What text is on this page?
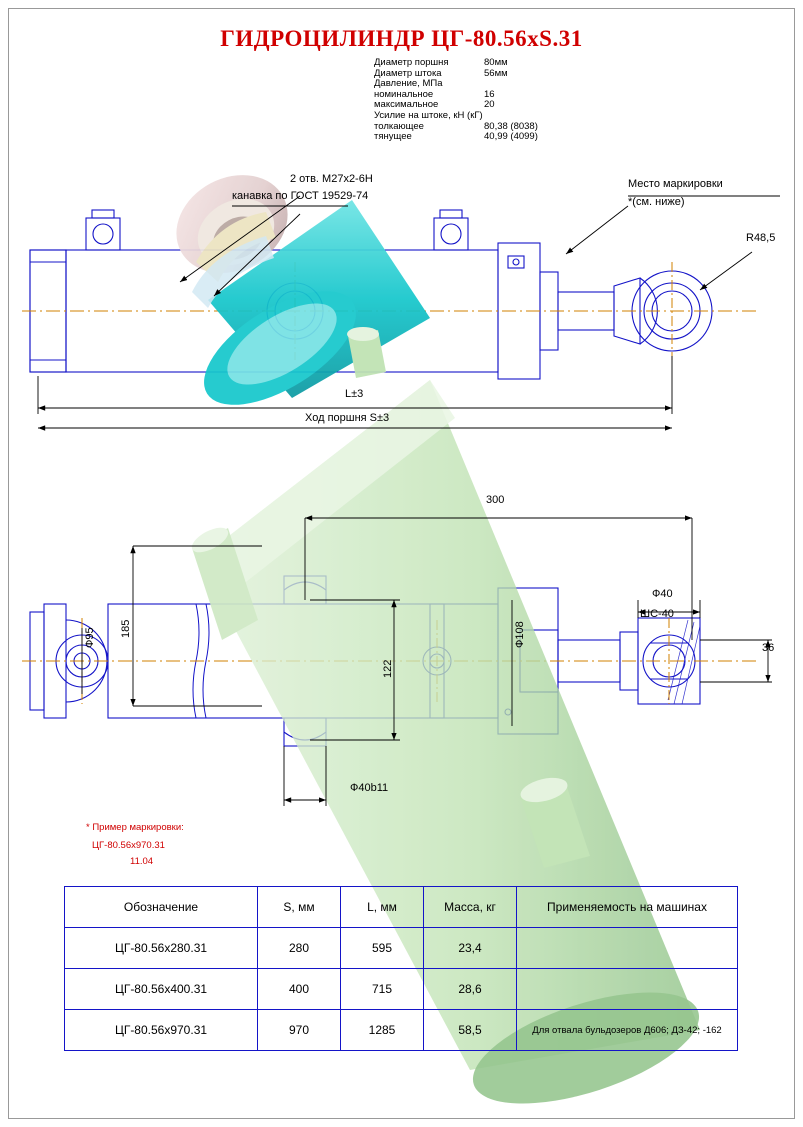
ГИДРОЦИЛИНДР ЦГ-80.56xS.31
Диаметр поршня	80мм
Диаметр штока	56мм
Давление, МПа
номинальное	16
максимальное	20
Усилие на штоке, кН (кГ)
толкающее	80,38 (8038)
тянущее	40,99 (4099)
2 отв. М27х2-6Н
канавка по ГОСТ 19529-74
Место маркировки
*(см. ниже)
R48,5
L±3
Ход поршня S±3
300
185
122
Ф95	Ф108
Ф40b11
Ф40
ШС-40
36
* Пример маркировки:
ЦГ-80.56х970.31
11.04
Обозначение	S, мм	L, мм	Масса, кг	Применяемость на машинах
ЦГ-80.56х280.31	280	595	23,4	
ЦГ-80.56х400.31	400	715	28,6	
ЦГ-80.56х970.31	970	1285	58,5	Для отвала бульдозеров Д606; ДЗ-42; -162
